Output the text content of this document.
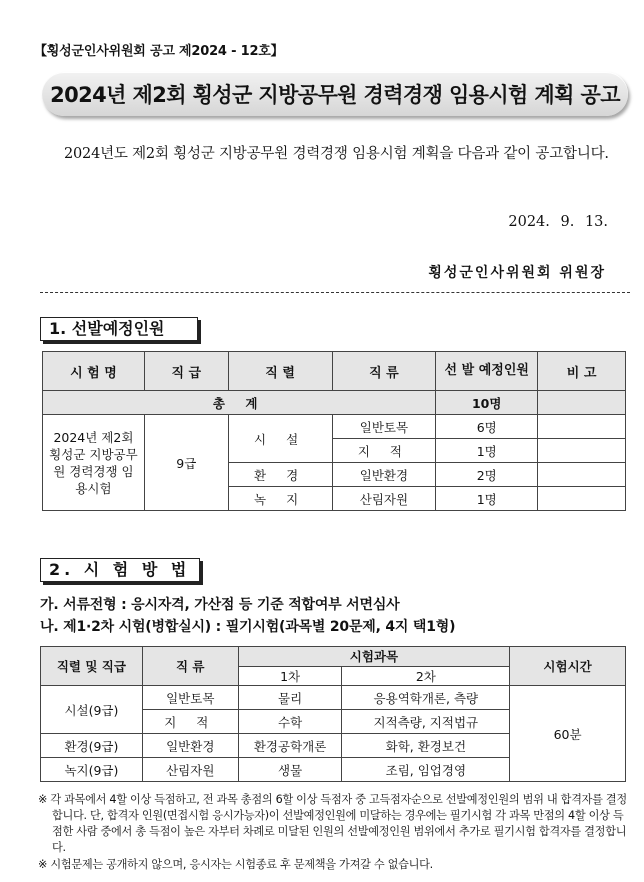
【횡성군인사위원회 공고 제2024 - 12호】
2024년 제2회 횡성군 지방공무원 경력경쟁 임용시험 계획 공고
2024년도 제2회 횡성군 지방공무원 경력경쟁 임용시험 계획을 다음과 같이 공고합니다.
2024. 9. 13.
횡성군인사위원회 위원장
1. 선발예정인원
시 험 명	직 급	직 렬	직 류	선 발 예정인원	비 고
총 계				10명	
2024년 제2회 횡성군 지방공무원 경력경쟁 임용시험	9급	시 설	일반토목	6명	
			지 적	1명	
		환 경	일반환경	2명	
		녹 지	산림자원	1명	
2. 시 험 방 법
가. 서류전형 : 응시자격, 가산점 등 기준 적합여부 서면심사
나. 제1·2차 시험(병합실시) : 필기시험(과목별 20문제, 4지 택1형)
직렬 및 직급	직 류	시험과목		시험시간
		1차	2차	
시설(9급)	일반토목	물리	응용역학개론, 측량	60분
	지 적	수학	지적측량, 지적법규	
환경(9급)	일반환경	환경공학개론	화학, 환경보건	
녹지(9급)	산림자원	생물	조림, 임업경영	

※ 각 과목에서 4할 이상 득점하고, 전 과목 총점의 6할 이상 득점자 중 고득점자순으로 선발예정인원의 범위 내 합격자를 결정합니다. 단, 합격자 인원(면접시험 응시가능자)이 선발예정인원에 미달하는 경우에는 필기시험 각 과목 만점의 4할 이상 득점한 사람 중에서 총 득점이 높은 자부터 차례로 미달된 인원의 선발예정인원 범위에서 추가로 필기시험 합격자를 결정합니다.

※ 시험문제는 공개하지 않으며, 응시자는 시험종료 후 문제책을 가져갈 수 없습니다.
